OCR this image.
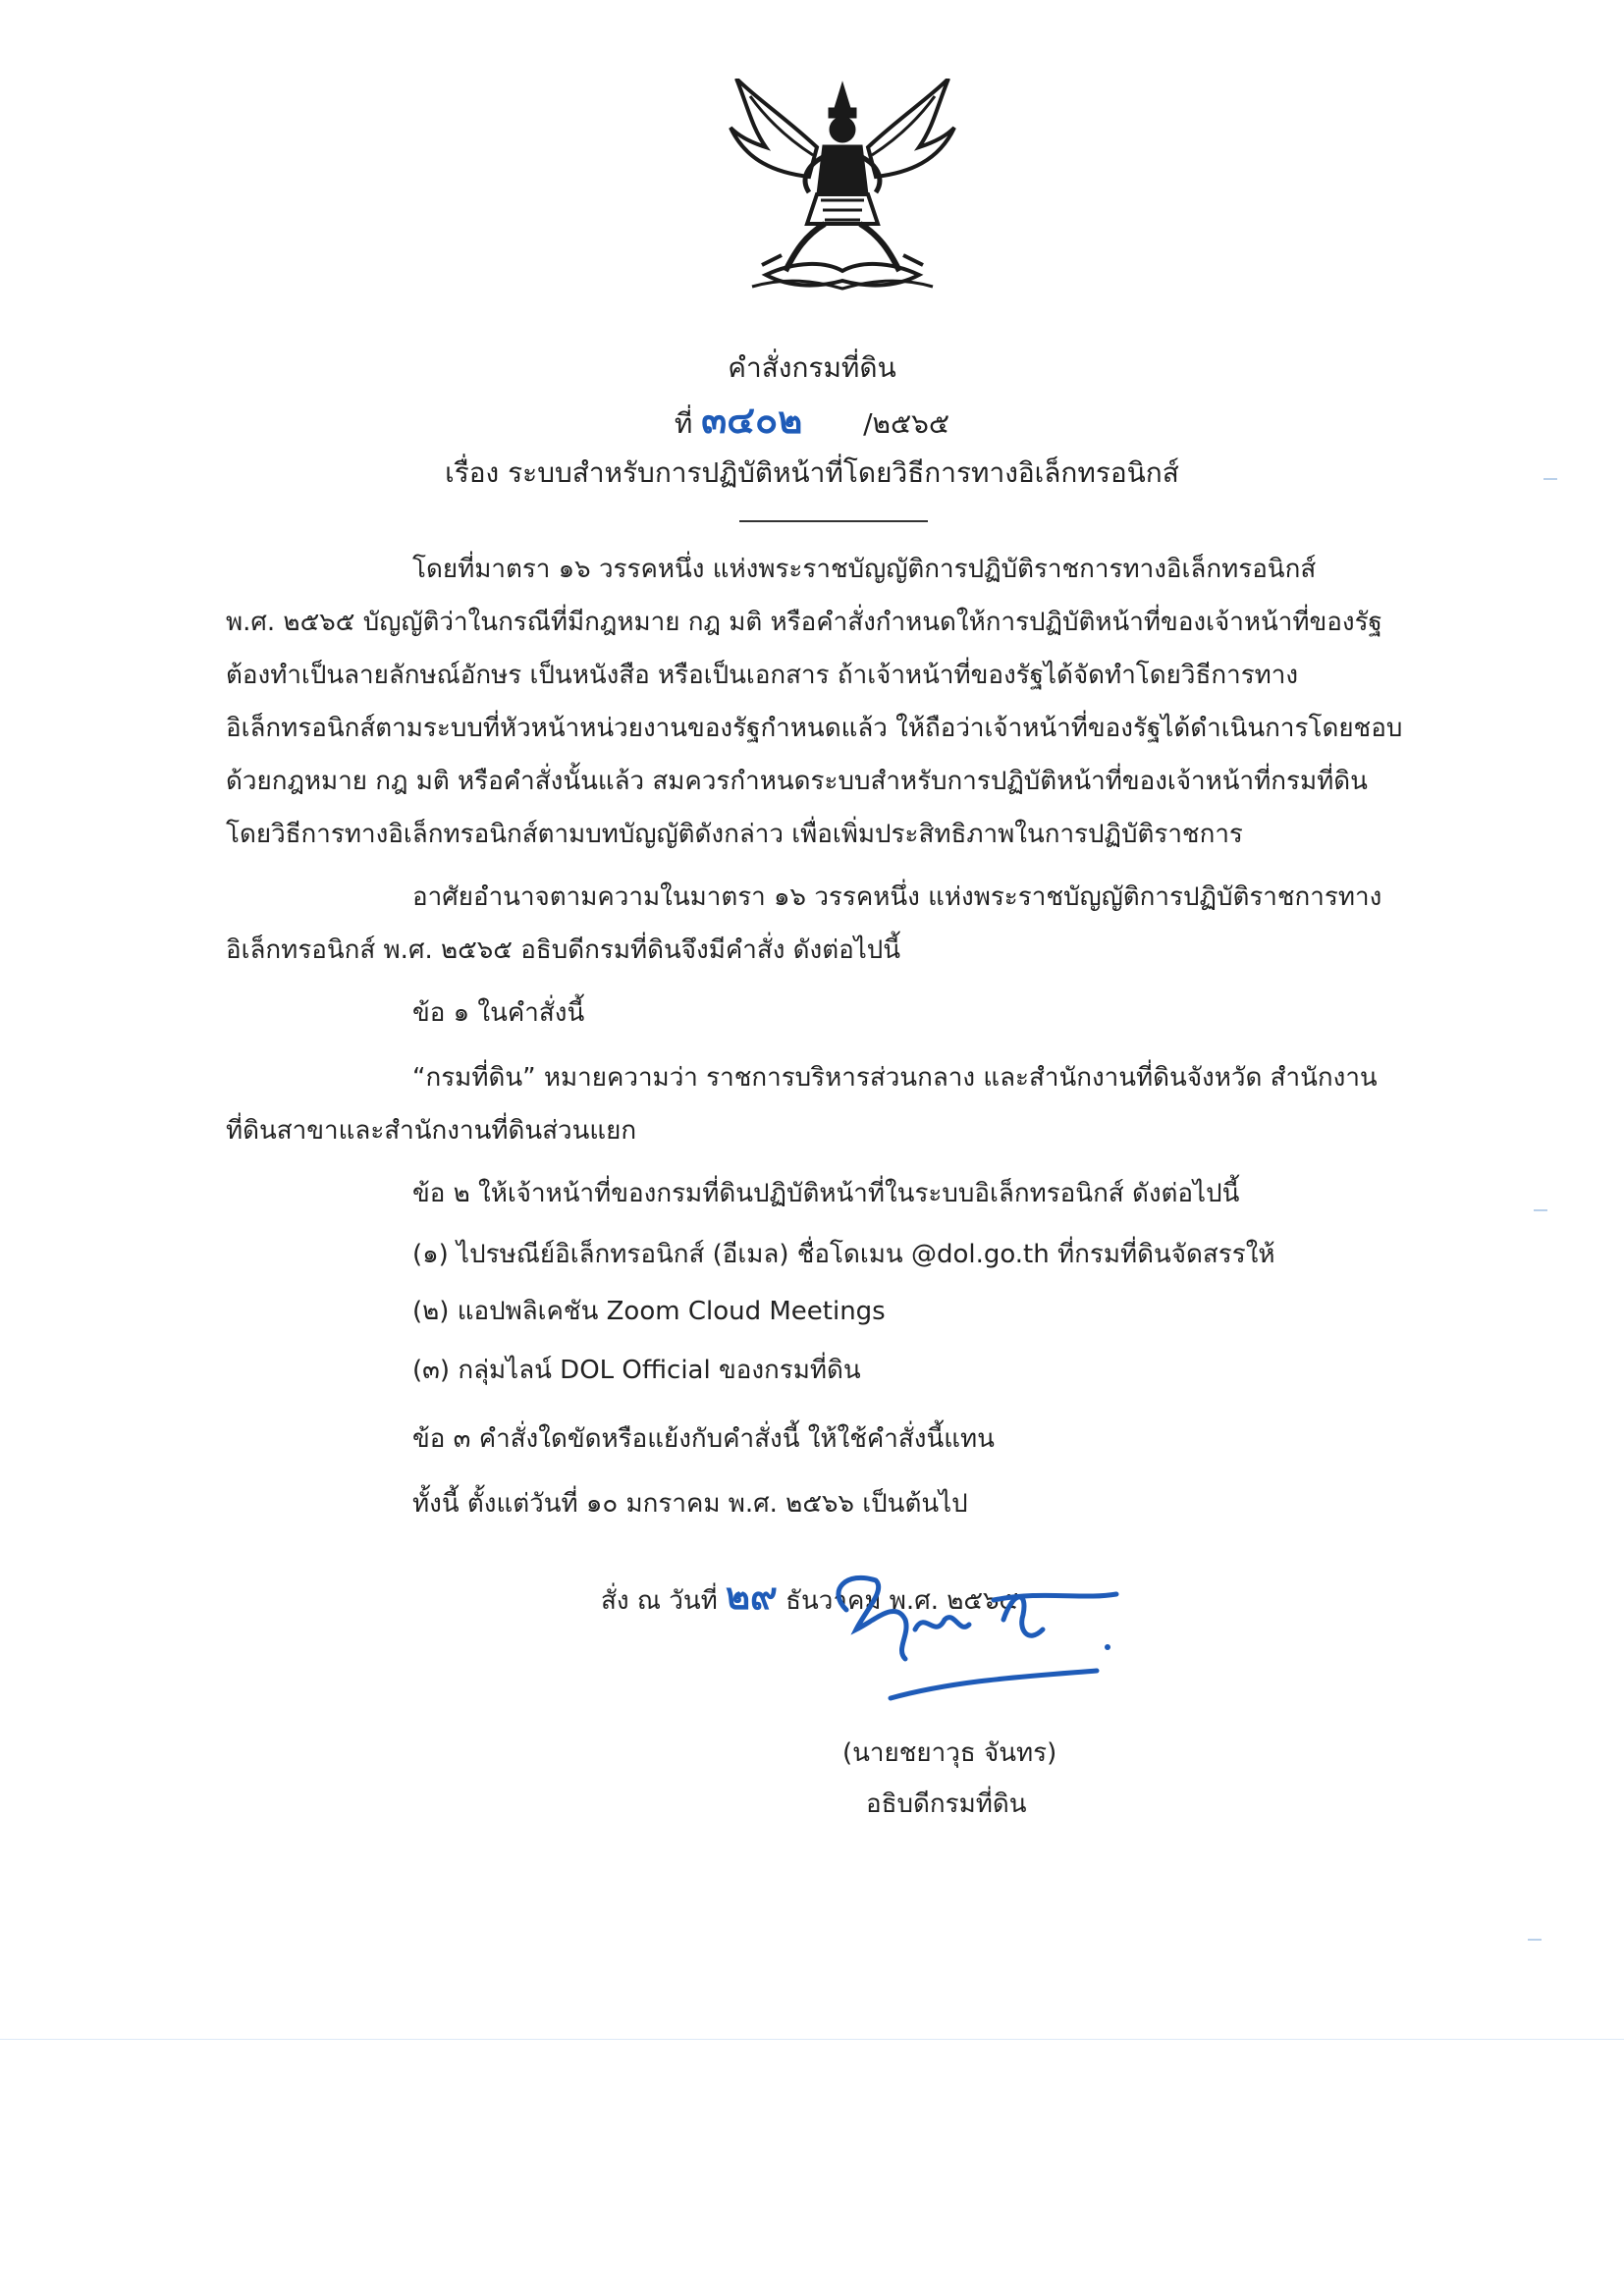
คำสั่งกรมที่ดิน
ที่ ๓๔๐๒ /๒๕๖๕
เรื่อง ระบบสำหรับการปฏิบัติหน้าที่โดยวิธีการทางอิเล็กทรอนิกส์
โดยที่มาตรา ๑๖ วรรคหนึ่ง แห่งพระราชบัญญัติการปฏิบัติราชการทางอิเล็กทรอนิกส์
พ.ศ. ๒๕๖๕ บัญญัติว่าในกรณีที่มีกฎหมาย กฎ มติ หรือคำสั่งกำหนดให้การปฏิบัติหน้าที่ของเจ้าหน้าที่ของรัฐ
ต้องทำเป็นลายลักษณ์อักษร เป็นหนังสือ หรือเป็นเอกสาร ถ้าเจ้าหน้าที่ของรัฐได้จัดทำโดยวิธีการทาง
อิเล็กทรอนิกส์ตามระบบที่หัวหน้าหน่วยงานของรัฐกำหนดแล้ว ให้ถือว่าเจ้าหน้าที่ของรัฐได้ดำเนินการโดยชอบ
ด้วยกฎหมาย กฎ มติ หรือคำสั่งนั้นแล้ว สมควรกำหนดระบบสำหรับการปฏิบัติหน้าที่ของเจ้าหน้าที่กรมที่ดิน
โดยวิธีการทางอิเล็กทรอนิกส์ตามบทบัญญัติดังกล่าว เพื่อเพิ่มประสิทธิภาพในการปฏิบัติราชการ
อาศัยอำนาจตามความในมาตรา ๑๖ วรรคหนึ่ง แห่งพระราชบัญญัติการปฏิบัติราชการทาง
อิเล็กทรอนิกส์ พ.ศ. ๒๕๖๕ อธิบดีกรมที่ดินจึงมีคำสั่ง ดังต่อไปนี้
ข้อ ๑ ในคำสั่งนี้
“กรมที่ดิน” หมายความว่า ราชการบริหารส่วนกลาง และสำนักงานที่ดินจังหวัด สำนักงาน
ที่ดินสาขาและสำนักงานที่ดินส่วนแยก
ข้อ ๒ ให้เจ้าหน้าที่ของกรมที่ดินปฏิบัติหน้าที่ในระบบอิเล็กทรอนิกส์ ดังต่อไปนี้
(๑) ไปรษณีย์อิเล็กทรอนิกส์ (อีเมล) ชื่อโดเมน @dol.go.th ที่กรมที่ดินจัดสรรให้
(๒) แอปพลิเคชัน Zoom Cloud Meetings
(๓) กลุ่มไลน์ DOL Official ของกรมที่ดิน
ข้อ ๓ คำสั่งใดขัดหรือแย้งกับคำสั่งนี้ ให้ใช้คำสั่งนี้แทน
ทั้งนี้ ตั้งแต่วันที่ ๑๐ มกราคม พ.ศ. ๒๕๖๖ เป็นต้นไป
สั่ง ณ วันที่ ๒๙ ธันวาคม พ.ศ. ๒๕๖๕
(นายชยาวุธ จันทร)
อธิบดีกรมที่ดิน
